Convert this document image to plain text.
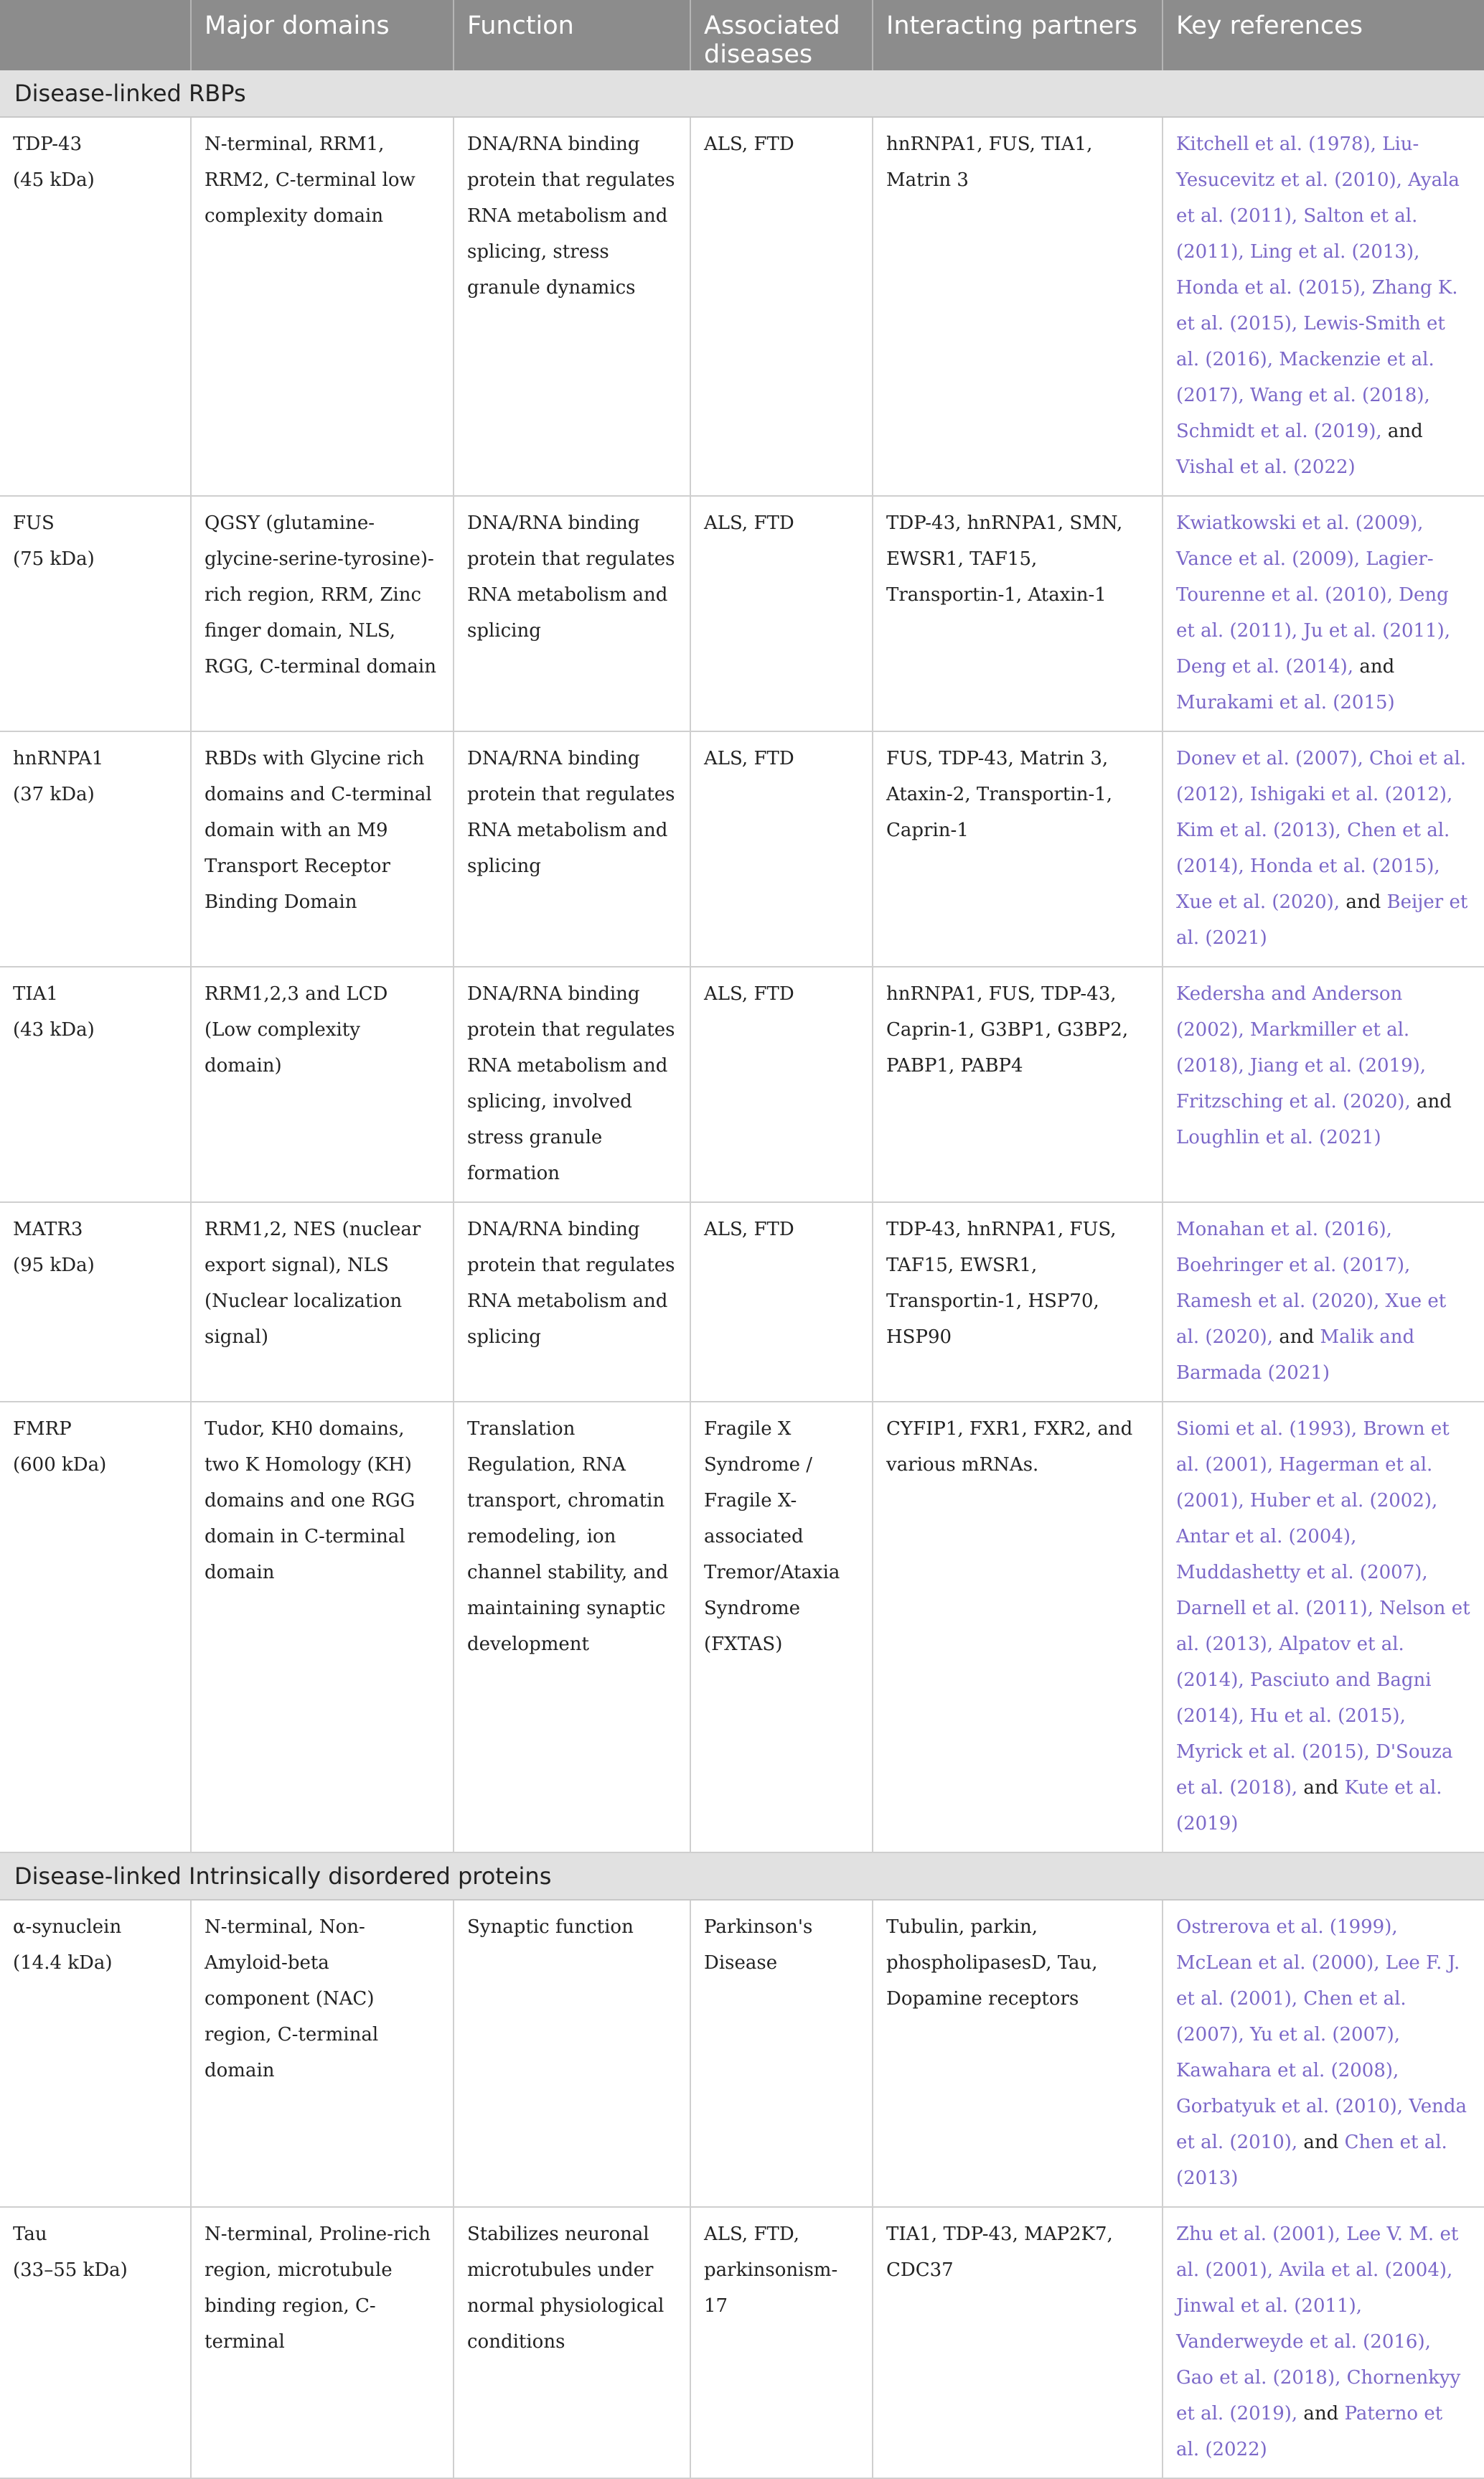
	Major domains	Function	Associated diseases	Interacting partners	Key references
Disease-linked RBPs					

TDP-43
(45 kDa)	N-terminal, RRM1, RRM2, C-terminal low complexity domain	DNA/RNA binding protein that regulates RNA metabolism and splicing, stress granule dynamics	ALS, FTD	hnRNPA1, FUS, TIA1, Matrin 3	Kitchell et al. (1978), Liu-Yesucevitz et al. (2010), Ayala et al. (2011), Salton et al. (2011), Ling et al. (2013), Honda et al. (2015), Zhang K. et al. (2015), Lewis-Smith et al. (2016), Mackenzie et al. (2017), Wang et al. (2018), Schmidt et al. (2019), and Vishal et al. (2022)

FUS
(75 kDa)	QGSY (glutamine-glycine-serine-tyrosine)-rich region, RRM, Zinc finger domain, NLS, RGG, C-terminal domain	DNA/RNA binding protein that regulates RNA metabolism and splicing	ALS, FTD	TDP-43, hnRNPA1, SMN, EWSR1, TAF15, Transportin-1, Ataxin-1	Kwiatkowski et al. (2009), Vance et al. (2009), Lagier-Tourenne et al. (2010), Deng et al. (2011), Ju et al. (2011), Deng et al. (2014), and Murakami et al. (2015)

hnRNPA1
(37 kDa)	RBDs with Glycine rich domains and C-terminal domain with an M9 Transport Receptor Binding Domain	DNA/RNA binding protein that regulates RNA metabolism and splicing	ALS, FTD	FUS, TDP-43, Matrin 3, Ataxin-2, Transportin-1, Caprin-1	Donev et al. (2007), Choi et al. (2012), Ishigaki et al. (2012), Kim et al. (2013), Chen et al. (2014), Honda et al. (2015), Xue et al. (2020), and Beijer et al. (2021)

TIA1
(43 kDa)	RRM1,2,3 and LCD (Low complexity domain)	DNA/RNA binding protein that regulates RNA metabolism and splicing, involved stress granule formation	ALS, FTD	hnRNPA1, FUS, TDP-43, Caprin-1, G3BP1, G3BP2, PABP1, PABP4	Kedersha and Anderson (2002), Markmiller et al. (2018), Jiang et al. (2019), Fritzsching et al. (2020), and Loughlin et al. (2021)

MATR3
(95 kDa)	RRM1,2, NES (nuclear export signal), NLS (Nuclear localization signal)	DNA/RNA binding protein that regulates RNA metabolism and splicing	ALS, FTD	TDP-43, hnRNPA1, FUS, TAF15, EWSR1, Transportin-1, HSP70, HSP90	Monahan et al. (2016), Boehringer et al. (2017), Ramesh et al. (2020), Xue et al. (2020), and Malik and Barmada (2021)

FMRP
(600 kDa)	Tudor, KH0 domains, two K Homology (KH) domains and one RGG domain in C-terminal domain	Translation Regulation, RNA transport, chromatin remodeling, ion channel stability, and maintaining synaptic development	Fragile X Syndrome / Fragile X-associated Tremor/Ataxia Syndrome (FXTAS)	CYFIP1, FXR1, FXR2, and various mRNAs.	Siomi et al. (1993), Brown et al. (2001), Hagerman et al. (2001), Huber et al. (2002), Antar et al. (2004), Muddashetty et al. (2007), Darnell et al. (2011), Nelson et al. (2013), Alpatov et al. (2014), Pasciuto and Bagni (2014), Hu et al. (2015), Myrick et al. (2015), D'Souza et al. (2018), and Kute et al. (2019)
Disease-linked Intrinsically disordered proteins					

α-synuclein
(14.4 kDa)	N-terminal, Non-Amyloid-beta component (NAC) region, C-terminal domain	Synaptic function	Parkinson's Disease	Tubulin, parkin, phospholipasesD, Tau, Dopamine receptors	Ostrerova et al. (1999), McLean et al. (2000), Lee F. J. et al. (2001), Chen et al. (2007), Yu et al. (2007), Kawahara et al. (2008), Gorbatyuk et al. (2010), Venda et al. (2010), and Chen et al. (2013)

Tau
(33–55 kDa)	N-terminal, Proline-rich region, microtubule binding region, C-terminal	Stabilizes neuronal microtubules under normal physiological conditions	ALS, FTD, parkinsonism-17	TIA1, TDP-43, MAP2K7, CDC37	Zhu et al. (2001), Lee V. M. et al. (2001), Avila et al. (2004), Jinwal et al. (2011), Vanderweyde et al. (2016), Gao et al. (2018), Chornenkyy et al. (2019), and Paterno et al. (2022)
